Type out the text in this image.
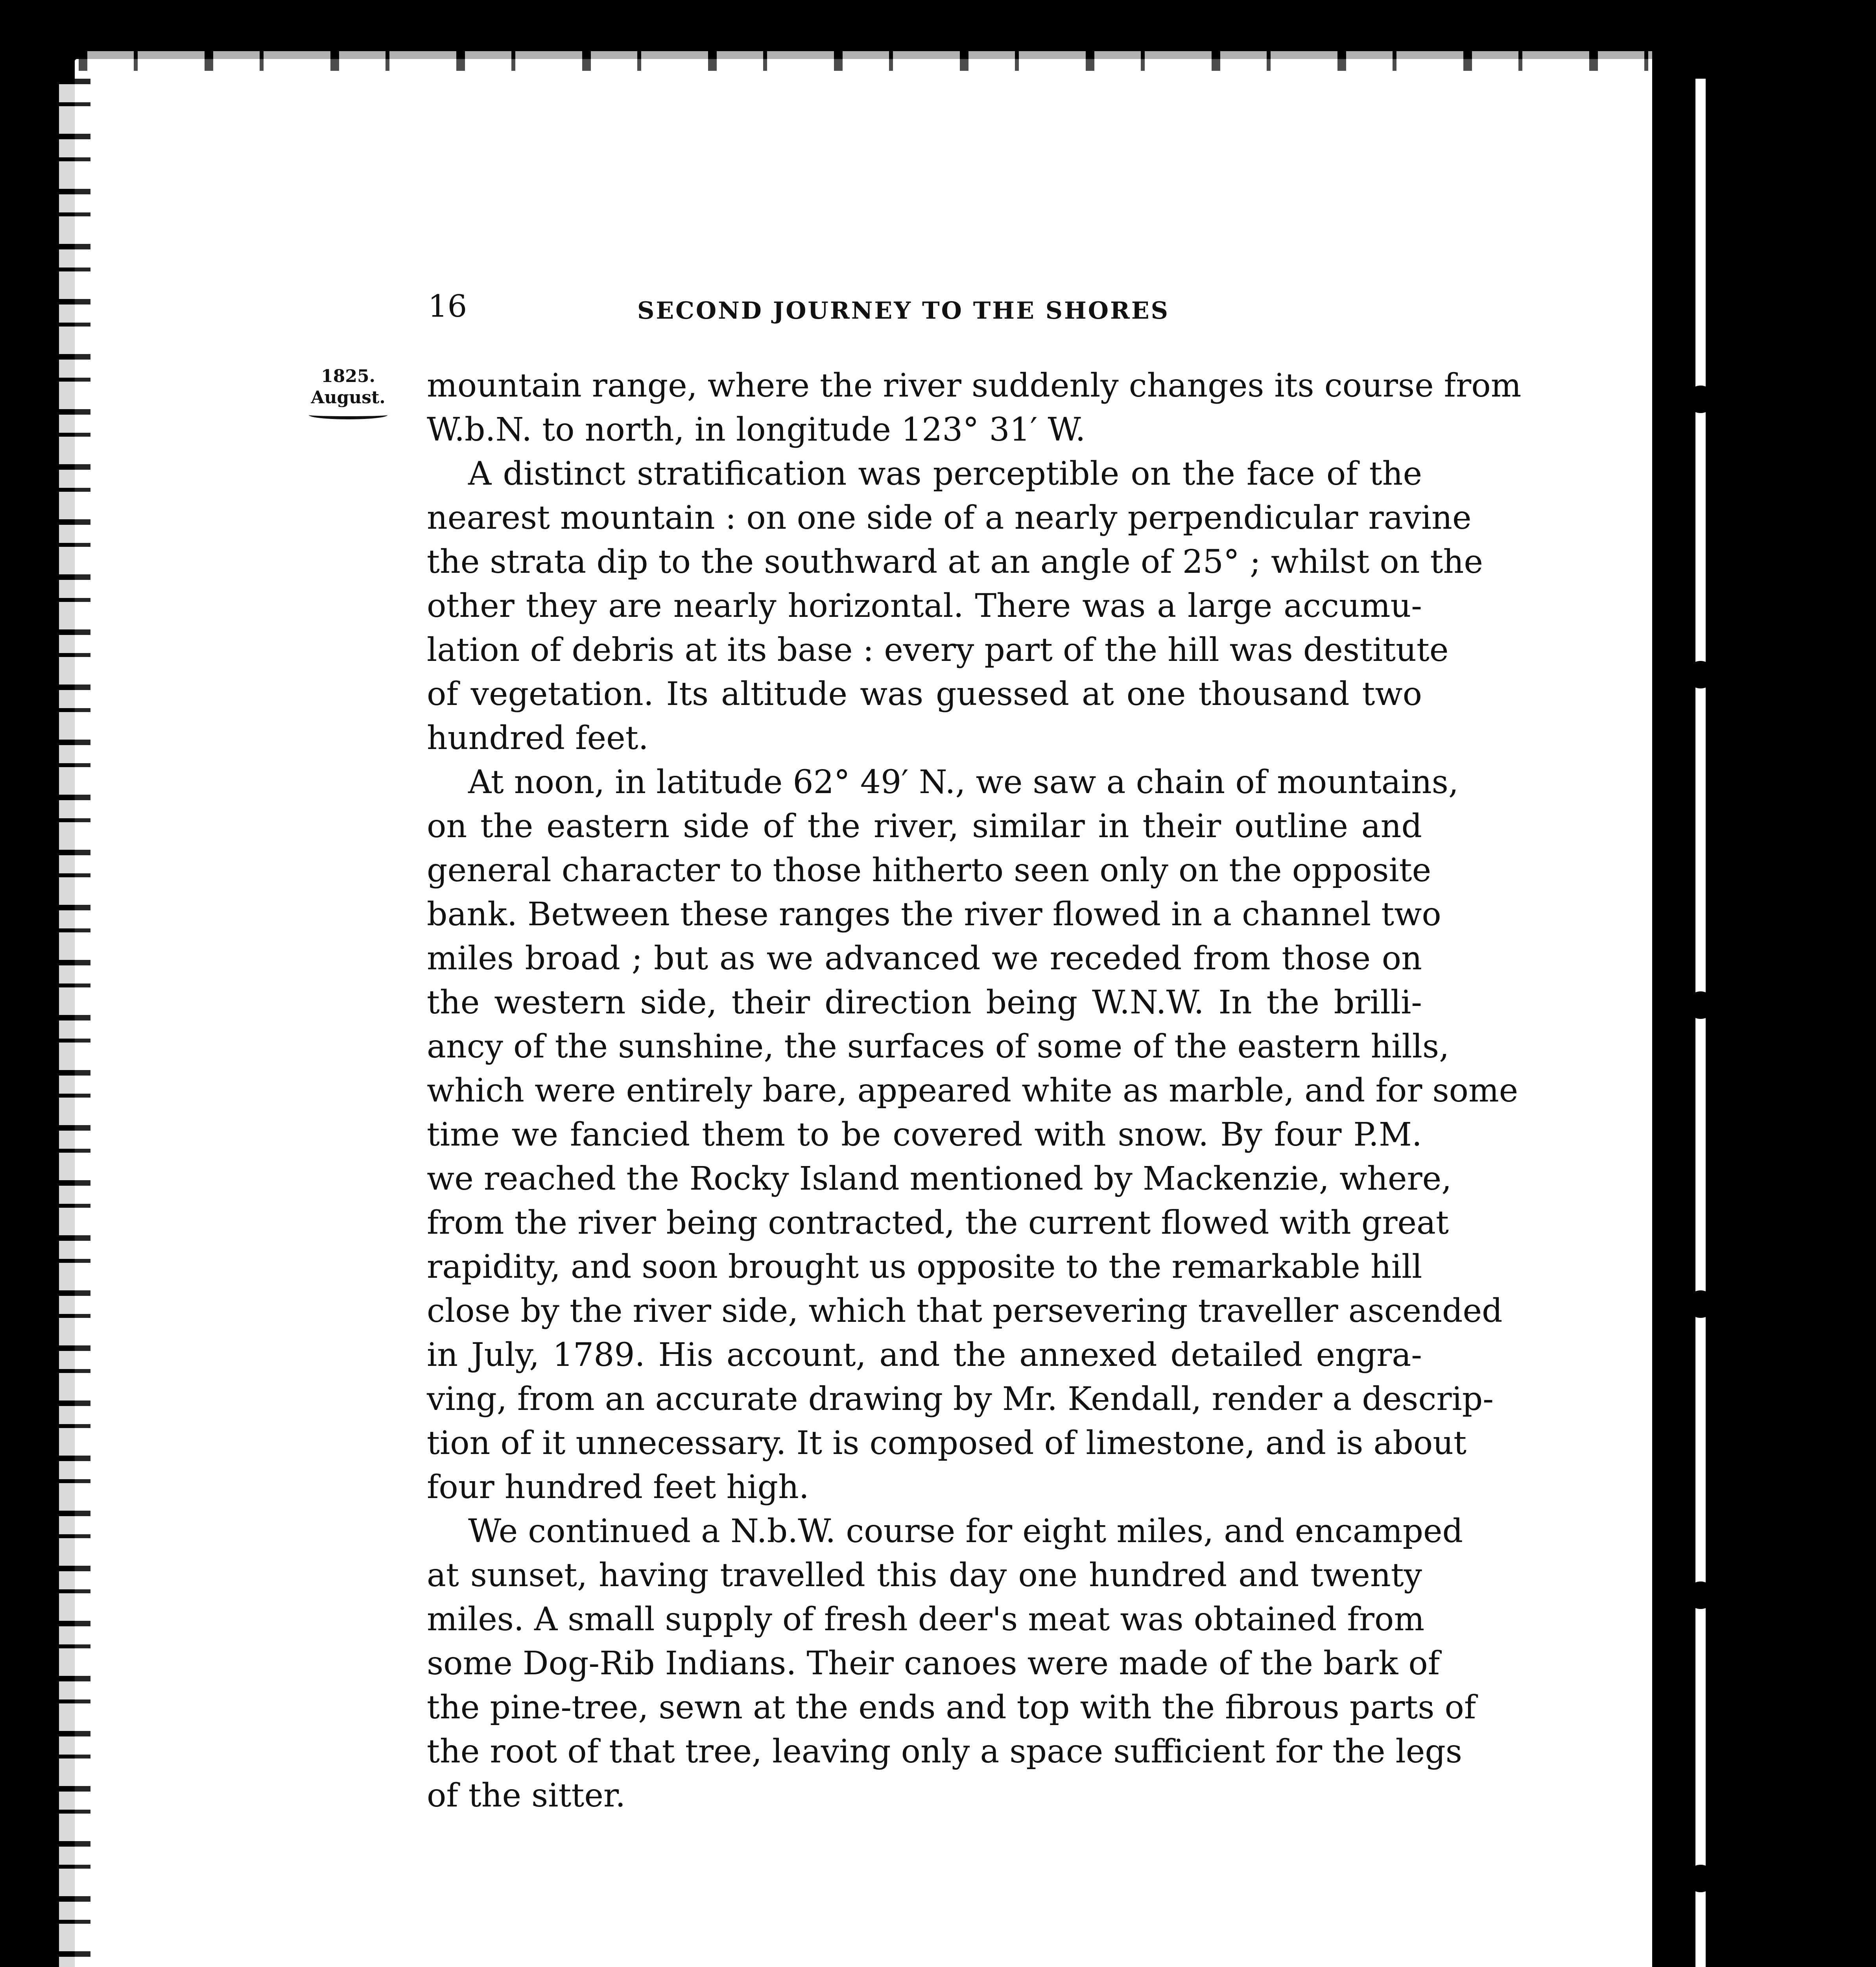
16	SECOND JOURNEY TO THE SHORES
1825.
August.	mountain range, where the river suddenly changes its course from
W.b.N. to north, in longitude 123° 31′ W.
A distinct stratification was perceptible on the face of the
nearest mountain : on one side of a nearly perpendicular ravine
the strata dip to the southward at an angle of 25° ; whilst on the
other they are nearly horizontal. There was a large accumu-
lation of debris at its base : every part of the hill was destitute
of vegetation. Its altitude was guessed at one thousand two
hundred feet.
At noon, in latitude 62° 49′ N., we saw a chain of mountains,
on the eastern side of the river, similar in their outline and
general character to those hitherto seen only on the opposite
bank. Between these ranges the river flowed in a channel two
miles broad ; but as we advanced we receded from those on
the western side, their direction being W.N.W. In the brilli-
ancy of the sunshine, the surfaces of some of the eastern hills,
which were entirely bare, appeared white as marble, and for some
time we fancied them to be covered with snow. By four P.M.
we reached the Rocky Island mentioned by Mackenzie, where,
from the river being contracted, the current flowed with great
rapidity, and soon brought us opposite to the remarkable hill
close by the river side, which that persevering traveller ascended
in July, 1789. His account, and the annexed detailed engra-
ving, from an accurate drawing by Mr. Kendall, render a descrip-
tion of it unnecessary. It is composed of limestone, and is about
four hundred feet high.
We continued a N.b.W. course for eight miles, and encamped
at sunset, having travelled this day one hundred and twenty
miles. A small supply of fresh deer's meat was obtained from
some Dog-Rib Indians. Their canoes were made of the bark of
the pine-tree, sewn at the ends and top with the fibrous parts of
the root of that tree, leaving only a space sufficient for the legs
of the sitter.
